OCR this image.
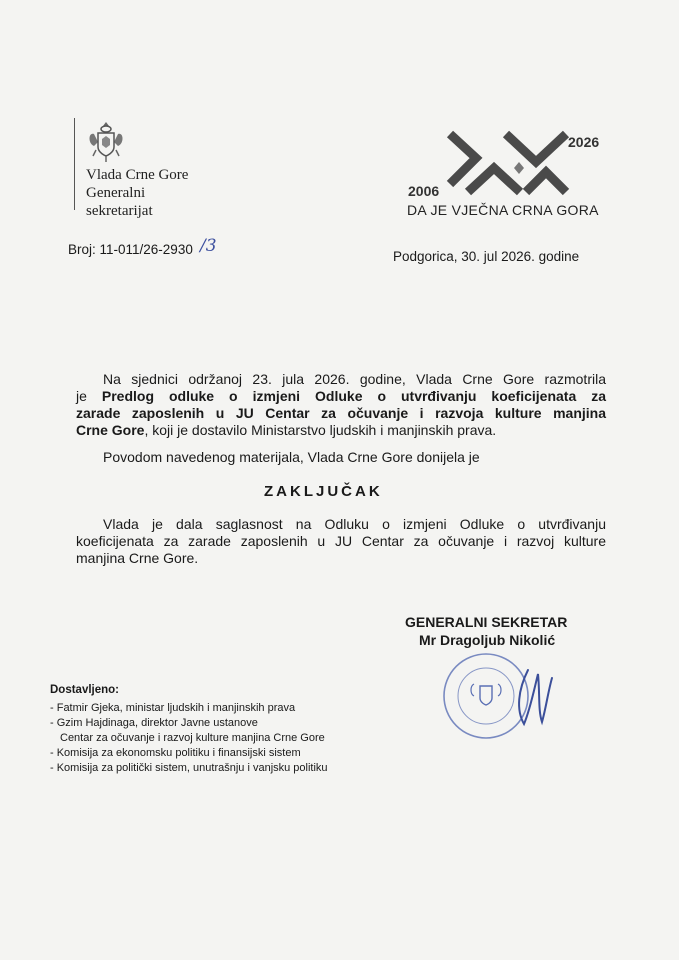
Vlada Crne Gore
Generalni
sekretarijat
2006
2026
DA JE VJEČNA CRNA GORA
Broj: 11-011/26-2930 /3
Podgorica, 30. jul 2026. godine
Na sjednici održanoj 23. jula 2026. godine, Vlada Crne Gore razmotrila
je Predlog odluke o izmjeni Odluke o utvrđivanju koeficijenata za
zarade zaposlenih u JU Centar za očuvanje i razvoja kulture manjina
Crne Gore, koji je dostavilo Ministarstvo ljudskih i manjinskih prava.
Povodom navedenog materijala, Vlada Crne Gore donijela je
ZAKLJUČAK
Vlada je dala saglasnost na Odluku o izmjeni Odluke o utvrđivanju
koeficijenata za zarade zaposlenih u JU Centar za očuvanje i razvoj kulture
manjina Crne Gore.
GENERALNI SEKRETAR
Mr Dragoljub Nikolić
Dostavljeno:
- Fatmir Gjeka, ministar ljudskih i manjinskih prava
- Gzim Hajdinaga, direktor Javne ustanove
Centar za očuvanje i razvoj kulture manjina Crne Gore
- Komisija za ekonomsku politiku i finansijski sistem
- Komisija za politički sistem, unutrašnju i vanjsku politiku
